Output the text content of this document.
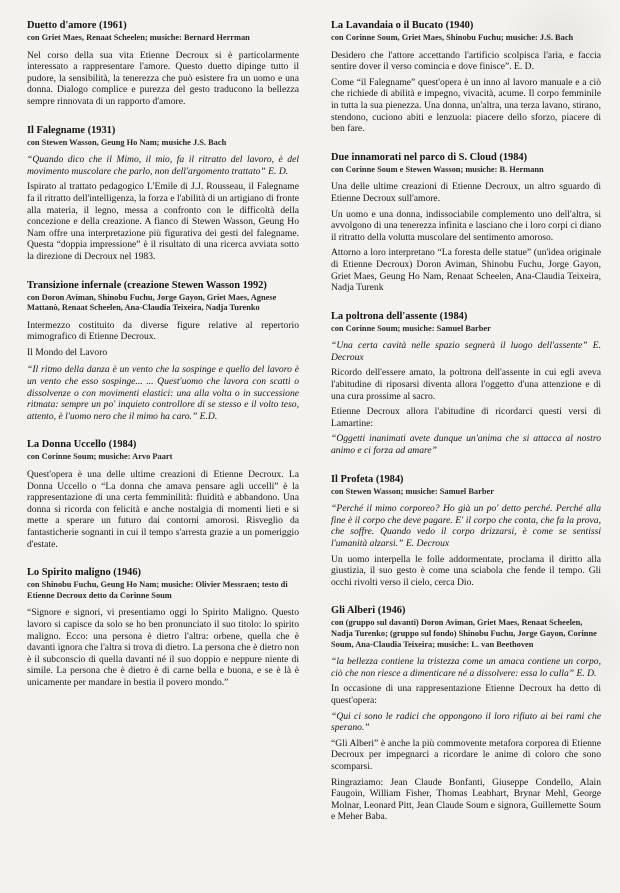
Duetto d'amore (1961)
con Griet Maes, Renaat Scheelen; musiche: Bernard Herrman

Nel corso della sua vita Etienne Decroux si è particolarmente interessato a rappresentare l'amore. Questo duetto dipinge tutto il pudore, la sensibilità, la tenerezza che può esistere fra un uomo e una donna. Dialogo complice e purezza del gesto traducono la bellezza sempre rinnovata di un rapporto d'amore.

Il Falegname (1931)
con Stewen Wasson, Geung Ho Nam; musiche J.S. Bach

“Quando dico che il Mimo, il mio, fa il ritratto del lavoro, è del movimento muscolare che parlo, non dell'argomento trattato” E. D.

Ispirato al trattato pedagogico L'Emile di J.J. Rousseau, il Falegname fa il ritratto dell'intelligenza, la forza e l'abilità di un artigiano di fronte alla materia, il legno, messa a confronto con le difficoltà della concezione e della creazione. A fianco di Stewen Wasson, Geung Ho Nam offre una interpretazione più figurativa dei gesti del falegname. Questa “doppia impressione” è il risultato di una ricerca avviata sotto la direzione di Decroux nel 1983.

Transizione infernale (creazione Stewen Wasson 1992)
con Doron Aviman, Shinobu Fuchu, Jorge Gayon, Griet Maes, Agnese Mattanò, Renaat Scheelen, Ana-Claudia Teixeira, Nadja Turenko

Intermezzo costituito da diverse figure relative al repertorio mimografico di Etienne Decroux.

Il Mondo del Lavoro

“Il ritmo della danza è un vento che la sospinge e quello del lavoro è un vento che esso sospinge... ... Quest'uomo che lavora con scatti o dissolvenze o con movimenti elastici: una alla volta o in successione ritmata: sempre un po' inquieto controllore di se stesso e il volto teso, attento, è l'uomo nero che il mimo ha caro.” E.D.

La Donna Uccello (1984)
con Corinne Soum; musiche: Arvo Paart

Quest'opera è una delle ultime creazioni di Etienne Decroux. La Donna Uccello o “La donna che amava pensare agli uccelli” è la rappresentazione di una certa femminilità: fluidità e abbandono. Una donna si ricorda con felicità e anche nostalgia di momenti lieti e si mette a sperare un futuro dai contorni amorosi. Risveglio da fantasticherie sognanti in cui il tempo s'arresta grazie a un pomeriggio d'estate.

Lo Spirito maligno (1946)
con Shinobu Fuchu, Geung Ho Nam; musiche: Olivier Messraen; testo di Etienne Decroux detto da Corinne Soum

“Signore e signori, vi presentiamo oggi lo Spirito Maligno. Questo lavoro si capisce da solo se ho ben pronunciato il suo titolo: lo spirito maligno. Ecco: una persona è dietro l'altra: orbene, quella che è davanti ignora che l'altra si trova di dietro. La persona che è dietro non è il subconscio di quella davanti né il suo doppio e neppure niente di simile. La persona che è dietro è di carne bella e buona, e se è là è unicamente per mandare in bestia il povero mondo.”

La Lavandaia o il Bucato (1940)
con Corinne Soum, Griet Maes, Shinobu Fuchu; musiche: J.S. Bach

Desidero che l'attore accettando l'artificio scolpisca l'aria, e faccia sentire dover il verso comincia e dove finisce”. E. D.

Come “il Falegname” quest'opera è un inno al lavoro manuale e a ciò che richiede di abilità e impegno, vivacità, acume. Il corpo femminile in tutta la sua pienezza. Una donna, un'altra, una terza lavano, stirano, stendono, cuciono abiti e lenzuola: piacere dello sforzo, piacere di ben fare.

Due innamorati nel parco di S. Cloud (1984)
con Corinne Soum e Stewen Wasson; musiche: B. Hermann

Una delle ultime creazioni di Etienne Decroux, un altro sguardo di Etienne Decroux sull'amore.

Un uomo e una donna, indissociabile complemento uno dell'altra, si avvolgono di una tenerezza infinita e lasciano che i loro corpi ci diano il ritratto della volutta muscolare del sentimento amoroso.

Attorno a loro interpretano “La foresta delle statue” (un'idea originale di Etienne Decroux) Doron Aviman, Shinobu Fuchu, Jorge Gayon, Griet Maes, Geung Ho Nam, Renaat Scheelen, Ana-Claudia Teixeira, Nadja Turenk

La poltrona dell'assente (1984)
con Corinne Soum; musiche: Samuel Barber

“Una certa cavità nelle spazio segnerà il luogo dell'assente” E. Decroux

Ricordo dell'essere amato, la poltrona dell'assente in cui egli aveva l'abitudine di riposarsi diventa allora l'oggetto d'una attenzione e di una cura prossime al sacro.

Etienne Decroux allora l'abitudine di ricordarci questi versi di Lamartine:

“Oggetti inanimati avete dunque un'anima che si attacca al nostro animo e ci forza ad amare”

Il Profeta (1984)
con Stewen Wasson; musiche: Samuel Barber

“Perché il mimo corporeo? Ho già un po' detto perché. Perché alla fine è il corpo che deve pagare. E' il corpo che conta, che fa la prova, che soffre. Quando vedo il corpo drizzarsi, è come se sentissi l'umanità alzarsi.” E. Decroux

Un uomo interpella le folle addormentate, proclama il diritto alla giustizia, il suo gesto è come una sciabola che fende il tempo. Gli occhi rivolti verso il cielo, cerca Dio.

Gli Alberi (1946)
con (gruppo sul davanti) Doron Aviman, Griet Maes, Renaat Scheelen, Nadja Turenko; (gruppo sul fondo) Shinobu Fuchu, Jorge Gayon, Corinne Soum, Ana-Claudia Teixeira; musiche: L. van Beethoven

“la bellezza contiene la tristezza come un amaca contiene un corpo, ciò che non riesce a dimenticare né a dissolvere: essa lo culla” E. D.

In occasione di una rappresentazione Etienne Decroux ha detto di quest'opera:

“Qui ci sono le radici che oppongono il loro rifiuto ai bei rami che sperano.”

“Gli Alberi” è anche la più commovente metafora corporea di Etienne Decroux per impegnarci a ricordare le anime di coloro che sono scomparsi.

Ringraziamo: Jean Claude Bonfanti, Giuseppe Condello, Alain Faugoin, William Fisher, Thomas Leabhart, Brynar Mehl, George Molnar, Leonard Pitt, Jean Claude Soum e signora, Guillemette Soum e Meher Baba.
